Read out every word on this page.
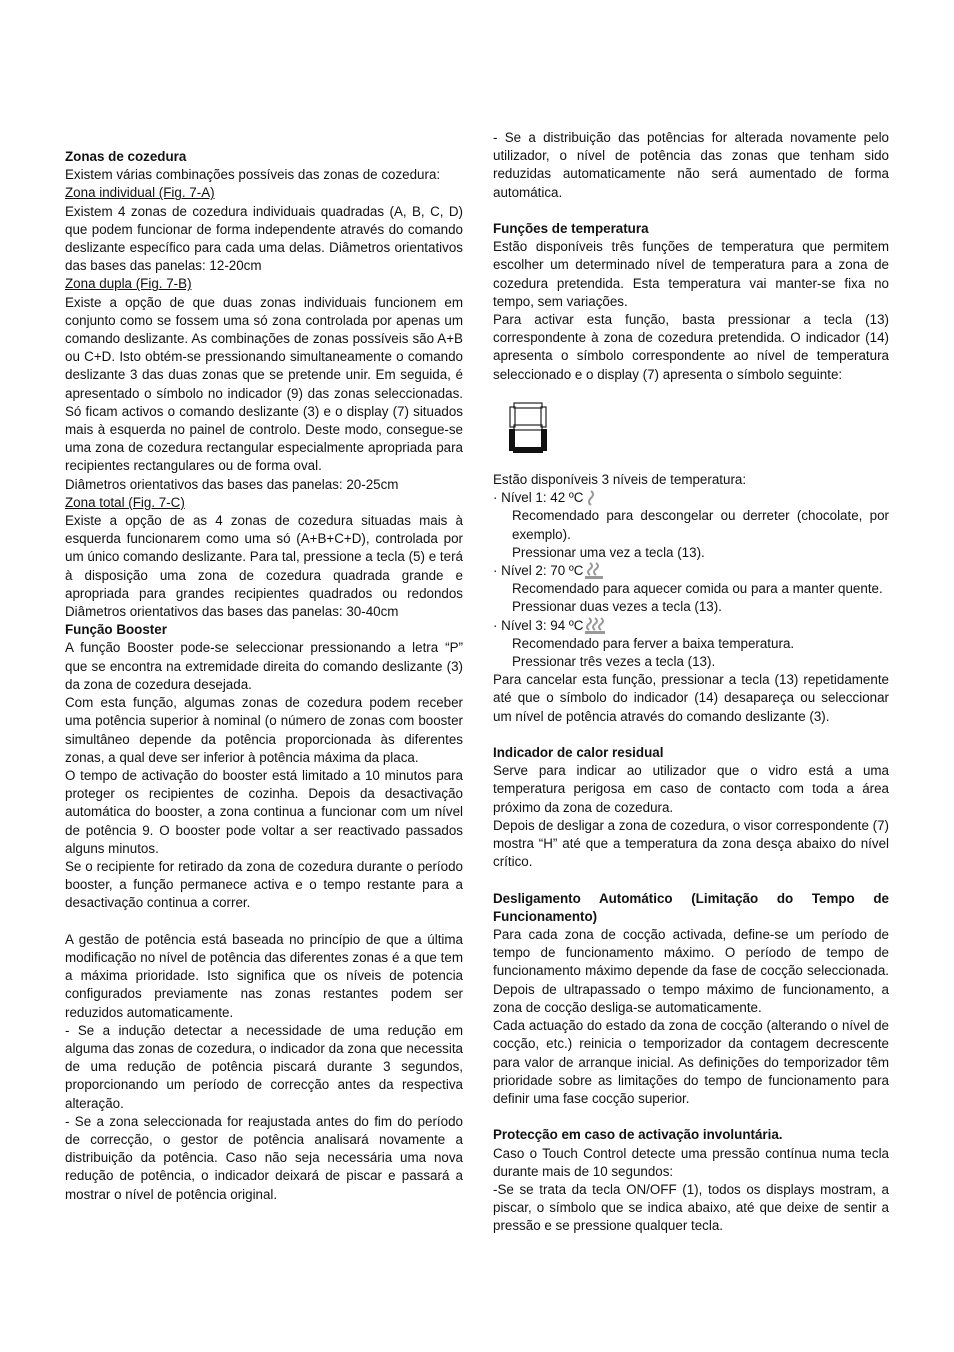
Zonas de cozedura

Existem várias combinações possíveis das zonas de cozedura:

Zona individual (Fig. 7-A)

Existem 4 zonas de cozedura individuais quadradas (A, B, C, D) que podem funcionar de forma independente através do comando deslizante específico para cada uma delas. Diâmetros orientativos das bases das panelas: 12-20cm

Zona dupla (Fig. 7-B)

Existe a opção de que duas zonas individuais funcionem em conjunto como se fossem uma só zona controlada por apenas um comando deslizante. As combinações de zonas possíveis são A+B ou C+D. Isto obtém-se pressionando simultaneamente o comando deslizante 3 das duas zonas que se pretende unir. Em seguida, é apresentado o símbolo no indicador (9) das zonas seleccionadas. Só ficam activos o comando deslizante (3) e o display (7) situados mais à esquerda no painel de controlo. Deste modo, consegue-se uma zona de cozedura rectangular especialmente apropriada para recipientes rectangulares ou de forma oval.

Diâmetros orientativos das bases das panelas: 20-25cm

Zona total (Fig. 7-C)

Existe a opção de as 4 zonas de cozedura situadas mais à esquerda funcionarem como uma só (A+B+C+D), controlada por um único comando deslizante. Para tal, pressione a tecla (5) e terá à disposição uma zona de cozedura quadrada grande e apropriada para grandes recipientes quadrados ou redondos Diâmetros orientativos das bases das panelas: 30-40cm

Função Booster

A função Booster pode-se seleccionar pressionando a letra “P” que se encontra na extremidade direita do comando deslizante (3) da zona de cozedura desejada.

Com esta função, algumas zonas de cozedura podem receber uma potência superior à nominal (o número de zonas com booster simultâneo depende da potência proporcionada às diferentes zonas, a qual deve ser inferior à potência máxima da placa.

O tempo de activação do booster está limitado a 10 minutos para proteger os recipientes de cozinha. Depois da desactivação automática do booster, a zona continua a funcionar com um nível de potência 9. O booster pode voltar a ser reactivado passados alguns minutos.

Se o recipiente for retirado da zona de cozedura durante o período booster, a função permanece activa e o tempo restante para a desactivação continua a correr.

A gestão de potência está baseada no princípio de que a última modificação no nível de potência das diferentes zonas é a que tem a máxima prioridade. Isto significa que os níveis de potencia configurados previamente nas zonas restantes podem ser reduzidos automaticamente.

- Se a indução detectar a necessidade de uma redução em alguma das zonas de cozedura, o indicador da zona que necessita de uma redução de potência piscará durante 3 segundos, proporcionando um período de correcção antes da respectiva alteração.

- Se a zona seleccionada for reajustada antes do fim do período de correcção, o gestor de potência analisará novamente a distribuição da potência. Caso não seja necessária uma nova redução de potência, o indicador deixará de piscar e passará a mostrar o nível de potência original.

- Se a distribuição das potências for alterada novamente pelo utilizador, o nível de potência das zonas que tenham sido reduzidas automaticamente não será aumentado de forma automática.

Funções de temperatura

Estão disponíveis três funções de temperatura que permitem escolher um determinado nível de temperatura para a zona de cozedura pretendida. Esta temperatura vai manter-se fixa no tempo, sem variações.

Para activar esta função, basta pressionar a tecla (13) correspondente à zona de cozedura pretendida. O indicador (14) apresenta o símbolo correspondente ao nível de temperatura seleccionado e o display (7) apresenta o símbolo seguinte:

Estão disponíveis 3 níveis de temperatura:

· Nível 1: 42 ºC

Recomendado para descongelar ou derreter (chocolate, por exemplo).

Pressionar uma vez a tecla (13).

· Nível 2: 70 ºC

Recomendado para aquecer comida ou para a manter quente.

Pressionar duas vezes a tecla (13).

· Nível 3: 94 ºC

Recomendado para ferver a baixa temperatura.

Pressionar três vezes a tecla (13).

Para cancelar esta função, pressionar a tecla (13) repetidamente até que o símbolo do indicador (14) desapareça ou seleccionar um nível de potência através do comando deslizante (3).

Indicador de calor residual

Serve para indicar ao utilizador que o vidro está a uma temperatura perigosa em caso de contacto com toda a área próximo da zona de cozedura.

Depois de desligar a zona de cozedura, o visor correspondente (7) mostra “H” até que a temperatura da zona desça abaixo do nível crítico.

Desligamento Automático (Limitação do Tempo de Funcionamento)

Para cada zona de cocção activada, define-se um período de tempo de funcionamento máximo. O período de tempo de funcionamento máximo depende da fase de cocção seleccionada. Depois de ultrapassado o tempo máximo de funcionamento, a zona de cocção desliga-se automaticamente.

Cada actuação do estado da zona de cocção (alterando o nível de cocção, etc.) reinicia o temporizador da contagem decrescente para valor de arranque inicial. As definições do temporizador têm prioridade sobre as limitações do tempo de funcionamento para definir uma fase cocção superior.

Protecção em caso de activação involuntária.

Caso o Touch Control detecte uma pressão contínua numa tecla durante mais de 10 segundos:

-Se se trata da tecla ON/OFF (1), todos os displays mostram, a piscar, o símbolo que se indica abaixo, até que deixe de sentir a pressão e se pressione qualquer tecla.
